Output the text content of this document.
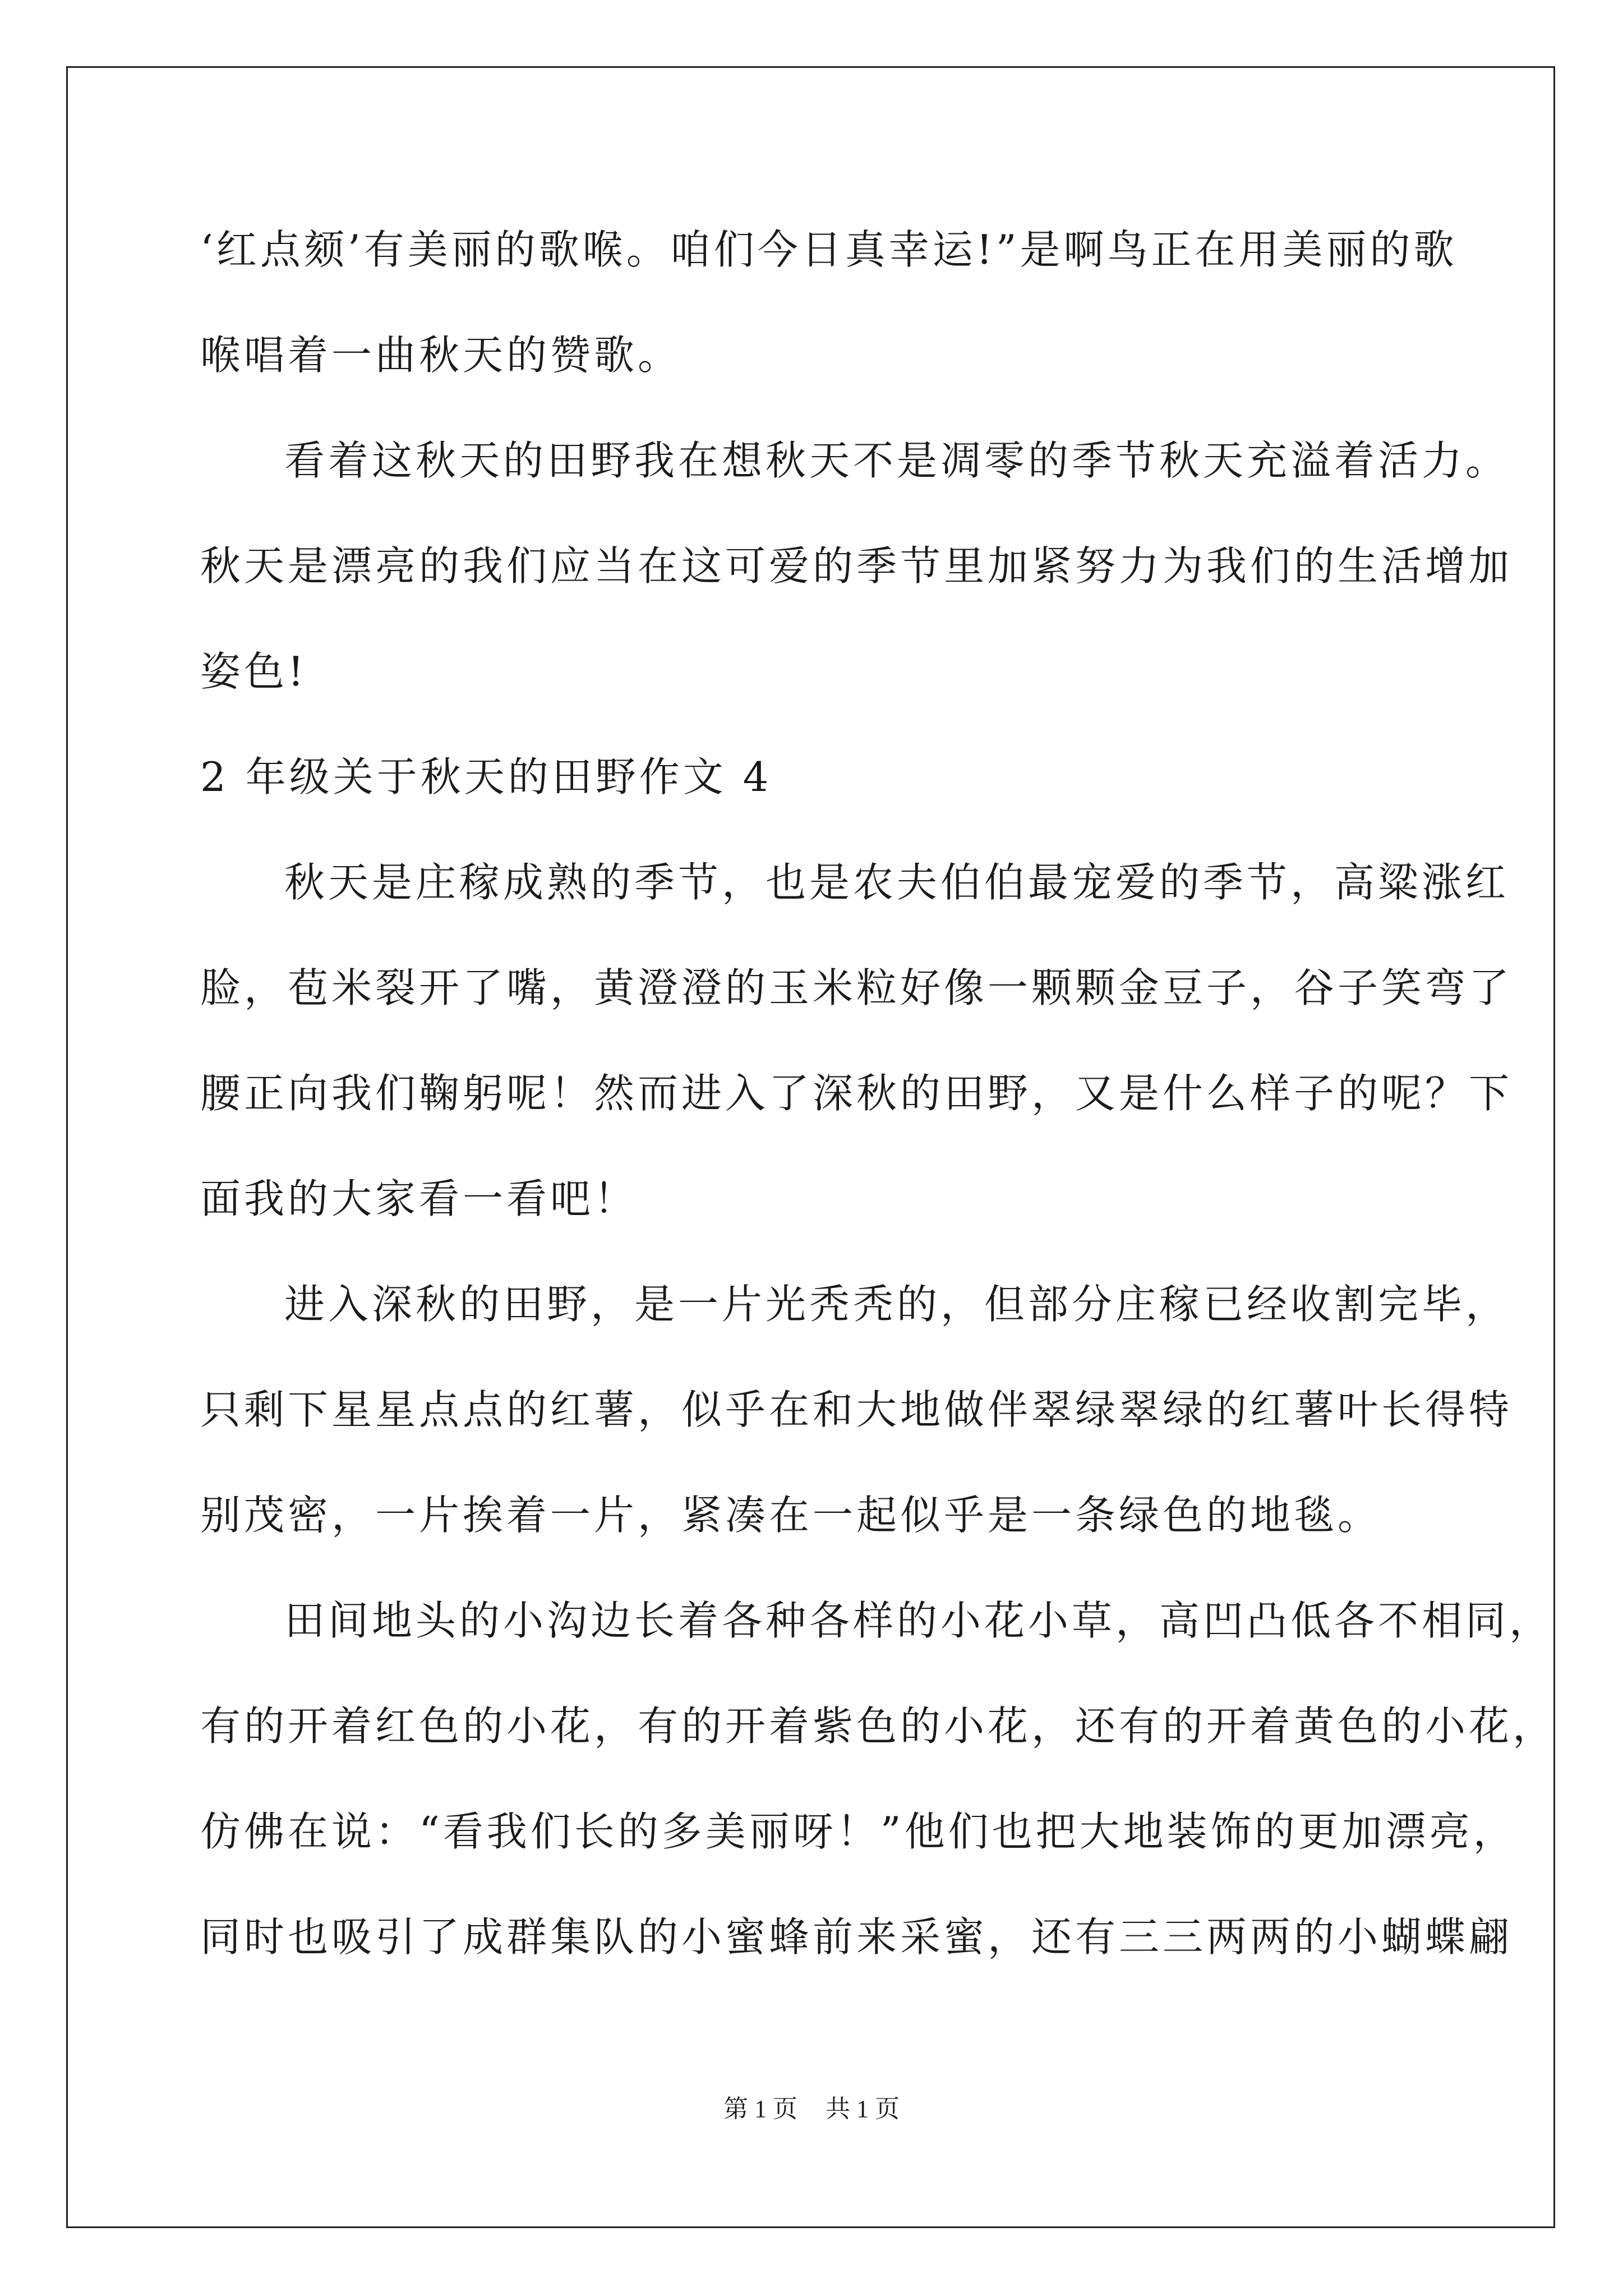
‘红点颏’有美丽的歌喉。咱们今日真幸运!”是啊鸟正在用美丽的歌
喉唱着一曲秋天的赞歌。
看着这秋天的田野我在想秋天不是凋零的季节秋天充溢着活力。
秋天是漂亮的我们应当在这可爱的季节里加紧努力为我们的生活增加
姿色!
2 年级关于秋天的田野作文 4
秋天是庄稼成熟的季节，也是农夫伯伯最宠爱的季节，高粱涨红
脸，苞米裂开了嘴，黄澄澄的玉米粒好像一颗颗金豆子，谷子笑弯了
腰正向我们鞠躬呢！然而进入了深秋的田野，又是什么样子的呢？下
面我的大家看一看吧！
进入深秋的田野，是一片光秃秃的，但部分庄稼已经收割完毕，
只剩下星星点点的红薯，似乎在和大地做伴翠绿翠绿的红薯叶长得特
别茂密，一片挨着一片，紧凑在一起似乎是一条绿色的地毯。
田间地头的小沟边长着各种各样的小花小草，高凹凸低各不相同，
有的开着红色的小花，有的开着紫色的小花，还有的开着黄色的小花，
仿佛在说：“看我们长的多美丽呀！”他们也把大地装饰的更加漂亮，
同时也吸引了成群集队的小蜜蜂前来采蜜，还有三三两两的小蝴蝶翩
第 1 页 共 1 页
